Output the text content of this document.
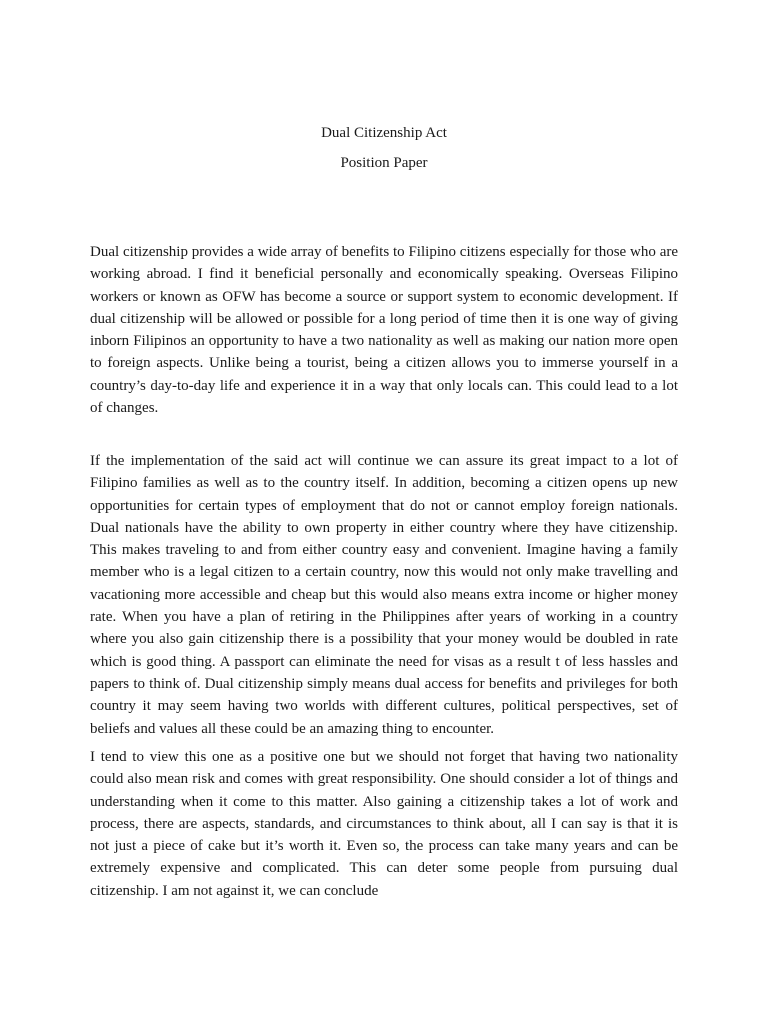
Dual Citizenship Act
Position Paper

Dual citizenship provides a wide array of benefits to Filipino citizens especially for those who are working abroad. I find it beneficial personally and economically speaking. Overseas Filipino workers or known as OFW has become a source or support system to economic development. If dual citizenship will be allowed or possible for a long period of time then it is one way of giving inborn Filipinos an opportunity to have a two nationality as well as making our nation more open to foreign aspects. Unlike being a tourist, being a citizen allows you to immerse yourself in a country’s day-to-day life and experience it in a way that only locals can. This could lead to a lot of changes.

If the implementation of the said act will continue we can assure its great impact to a lot of Filipino families as well as to the country itself. In addition, becoming a citizen opens up new opportunities for certain types of employment that do not or cannot employ foreign nationals. Dual nationals have the ability to own property in either country where they have citizenship. This makes traveling to and from either country easy and convenient. Imagine having a family member who is a legal citizen to a certain country, now this would not only make travelling and vacationing more accessible and cheap but this would also means extra income or higher money rate. When you have a plan of retiring in the Philippines after years of working in a country where you also gain citizenship there is a possibility that your money would be doubled in rate which is good thing. A passport can eliminate the need for visas as a result t of less hassles and papers to think of. Dual citizenship simply means dual access for benefits and privileges for both country it may seem having two worlds with different cultures, political perspectives, set of beliefs and values all these could be an amazing thing to encounter.

I tend to view this one as a positive one but we should not forget that having two nationality could also mean risk and comes with great responsibility. One should consider a lot of things and understanding when it come to this matter. Also gaining a citizenship takes a lot of work and process, there are aspects, standards, and circumstances to think about, all I can say is that it is not just a piece of cake but it’s worth it. Even so, the process can take many years and can be extremely expensive and complicated. This can deter some people from pursuing dual citizenship. I am not against it, we can conclude
